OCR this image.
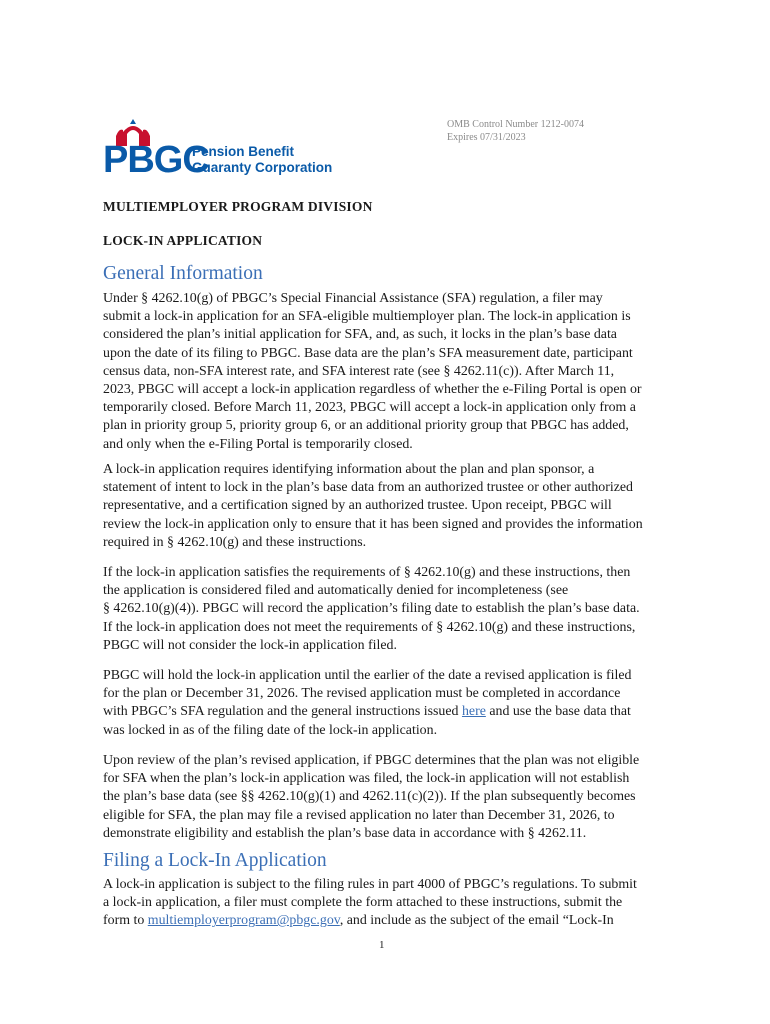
PBGC
Pension Benefit
Guaranty Corporation
OMB Control Number 1212-0074
Expires 07/31/2023
MULTIEMPLOYER PROGRAM DIVISION
LOCK-IN APPLICATION
General Information

Under § 4262.10(g) of PBGC’s Special Financial Assistance (SFA) regulation, a filer may
submit a lock-in application for an SFA-eligible multiemployer plan. The lock-in application is
considered the plan’s initial application for SFA, and, as such, it locks in the plan’s base data
upon the date of its filing to PBGC. Base data are the plan’s SFA measurement date, participant
census data, non-SFA interest rate, and SFA interest rate (see § 4262.11(c)). After March 11,
2023, PBGC will accept a lock-in application regardless of whether the e-Filing Portal is open or
temporarily closed. Before March 11, 2023, PBGC will accept a lock-in application only from a
plan in priority group 5, priority group 6, or an additional priority group that PBGC has added,
and only when the e-Filing Portal is temporarily closed.

A lock-in application requires identifying information about the plan and plan sponsor, a
statement of intent to lock in the plan’s base data from an authorized trustee or other authorized
representative, and a certification signed by an authorized trustee. Upon receipt, PBGC will
review the lock-in application only to ensure that it has been signed and provides the information
required in § 4262.10(g) and these instructions.

If the lock-in application satisfies the requirements of § 4262.10(g) and these instructions, then
the application is considered filed and automatically denied for incompleteness (see
§ 4262.10(g)(4)). PBGC will record the application’s filing date to establish the plan’s base data.
If the lock-in application does not meet the requirements of § 4262.10(g) and these instructions,
PBGC will not consider the lock-in application filed.

PBGC will hold the lock-in application until the earlier of the date a revised application is filed
for the plan or December 31, 2026. The revised application must be completed in accordance
with PBGC’s SFA regulation and the general instructions issued here and use the base data that
was locked in as of the filing date of the lock-in application.

Upon review of the plan’s revised application, if PBGC determines that the plan was not eligible
for SFA when the plan’s lock-in application was filed, the lock-in application will not establish
the plan’s base data (see §§ 4262.10(g)(1) and 4262.11(c)(2)). If the plan subsequently becomes
eligible for SFA, the plan may file a revised application no later than December 31, 2026, to
demonstrate eligibility and establish the plan’s base data in accordance with § 4262.11.

Filing a Lock-In Application

A lock-in application is subject to the filing rules in part 4000 of PBGC’s regulations. To submit
a lock-in application, a filer must complete the form attached to these instructions, submit the
form to multiemployerprogram@pbgc.gov, and include as the subject of the email “Lock-In

1
